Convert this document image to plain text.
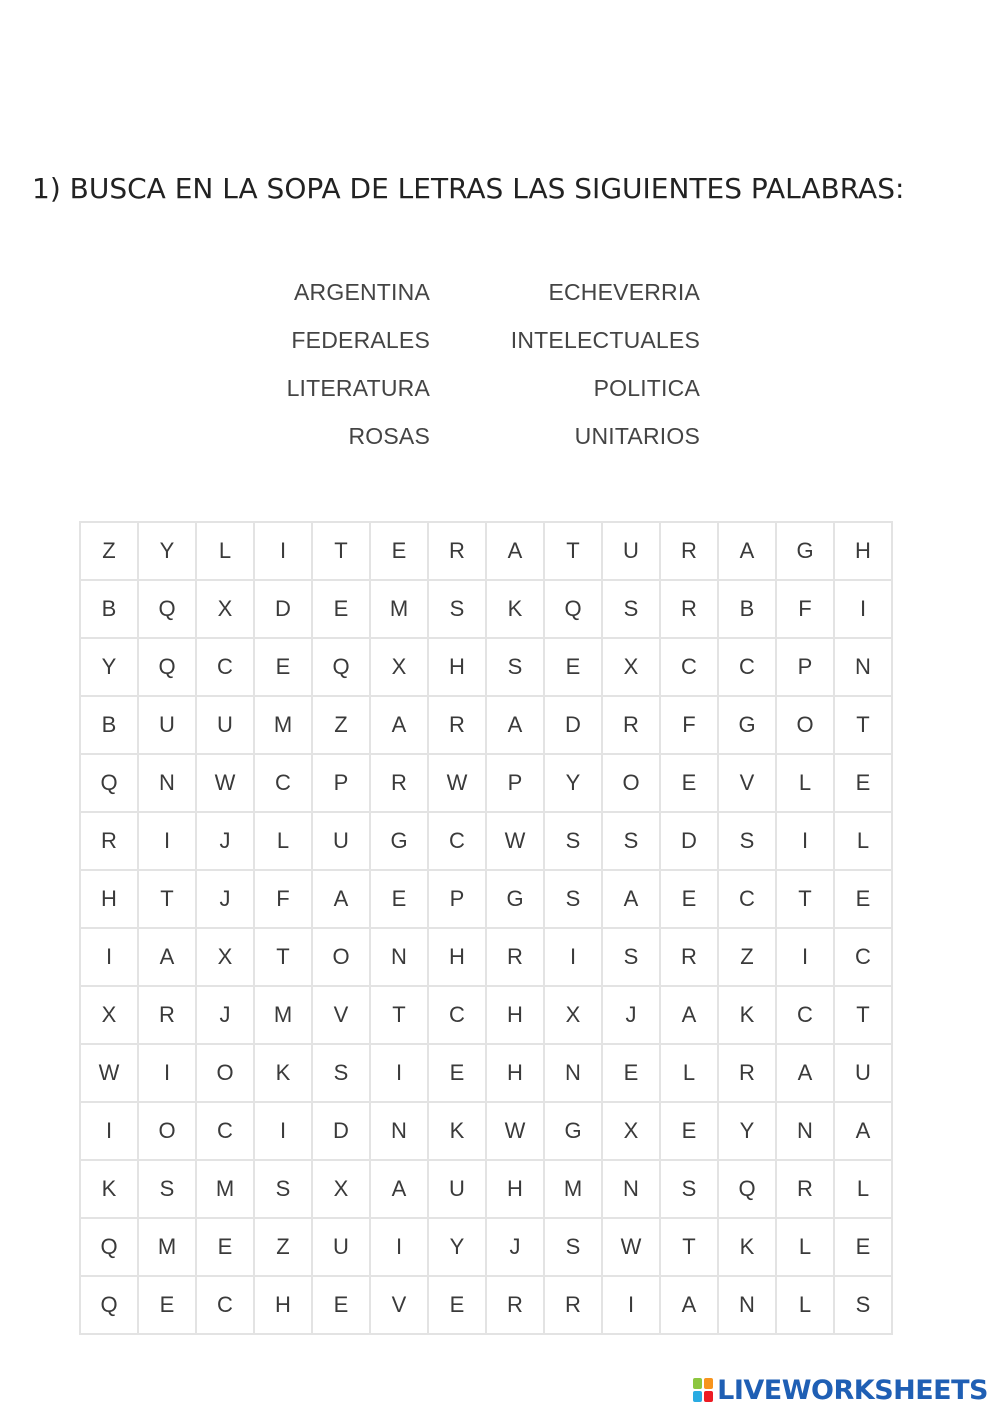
1) BUSCA EN LA SOPA DE LETRAS LAS SIGUIENTES PALABRAS:
ARGENTINA
FEDERALES
LITERATURA
ROSAS
ECHEVERRIA
INTELECTUALES
POLITICA
UNITARIOS
Z	Y	L	I	T	E	R	A	T	U	R	A	G	H
B	Q	X	D	E	M	S	K	Q	S	R	B	F	I
Y	Q	C	E	Q	X	H	S	E	X	C	C	P	N
B	U	U	M	Z	A	R	A	D	R	F	G	O	T
Q	N	W	C	P	R	W	P	Y	O	E	V	L	E
R	I	J	L	U	G	C	W	S	S	D	S	I	L
H	T	J	F	A	E	P	G	S	A	E	C	T	E
I	A	X	T	O	N	H	R	I	S	R	Z	I	C
X	R	J	M	V	T	C	H	X	J	A	K	C	T
W	I	O	K	S	I	E	H	N	E	L	R	A	U
I	O	C	I	D	N	K	W	G	X	E	Y	N	A
K	S	M	S	X	A	U	H	M	N	S	Q	R	L
Q	M	E	Z	U	I	Y	J	S	W	T	K	L	E
Q	E	C	H	E	V	E	R	R	I	A	N	L	S
LIVEWORKSHEETS
